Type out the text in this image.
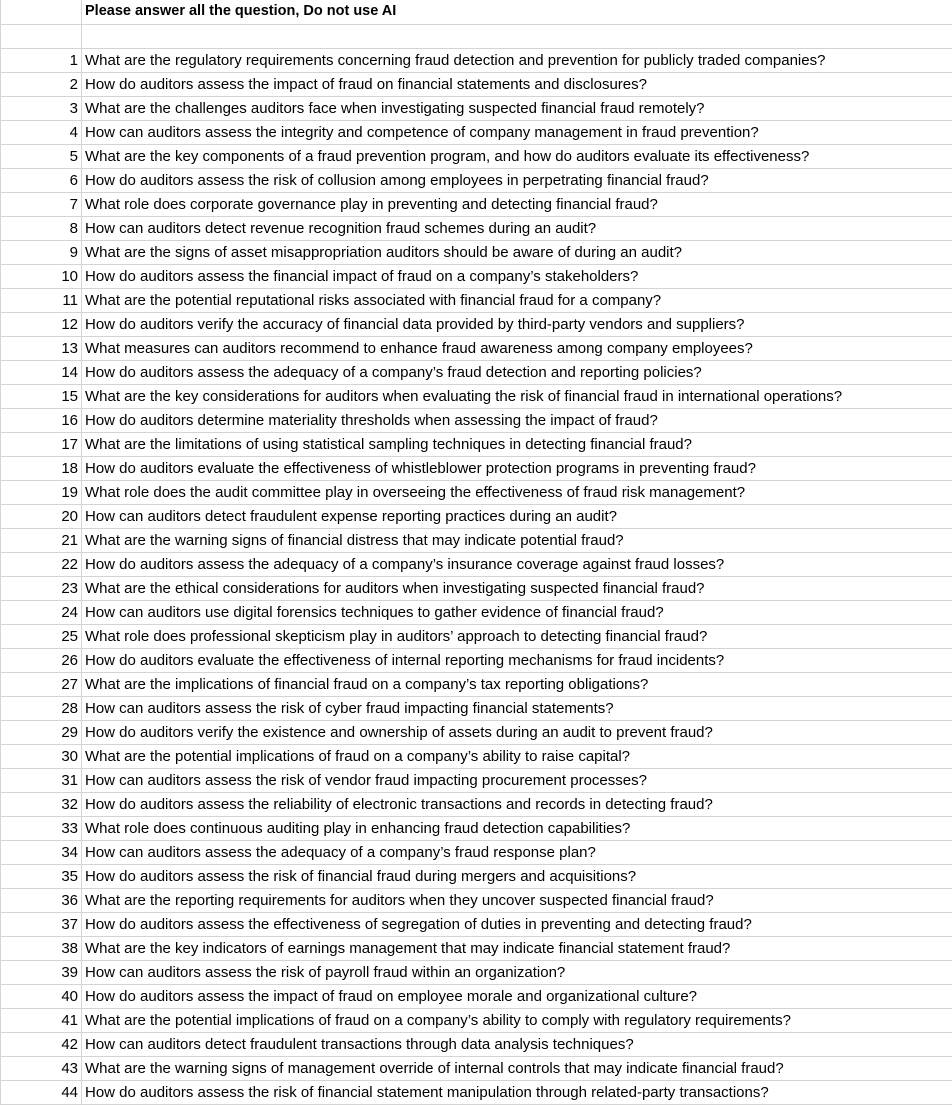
Please answer all the question, Do not use AI
1 What are the regulatory requirements concerning fraud detection and prevention for publicly traded companies?
2 How do auditors assess the impact of fraud on financial statements and disclosures?
3 What are the challenges auditors face when investigating suspected financial fraud remotely?
4 How can auditors assess the integrity and competence of company management in fraud prevention?
5 What are the key components of a fraud prevention program, and how do auditors evaluate its effectiveness?
6 How do auditors assess the risk of collusion among employees in perpetrating financial fraud?
7 What role does corporate governance play in preventing and detecting financial fraud?
8 How can auditors detect revenue recognition fraud schemes during an audit?
9 What are the signs of asset misappropriation auditors should be aware of during an audit?
10 How do auditors assess the financial impact of fraud on a company’s stakeholders?
11 What are the potential reputational risks associated with financial fraud for a company?
12 How do auditors verify the accuracy of financial data provided by third-party vendors and suppliers?
13 What measures can auditors recommend to enhance fraud awareness among company employees?
14 How do auditors assess the adequacy of a company’s fraud detection and reporting policies?
15 What are the key considerations for auditors when evaluating the risk of financial fraud in international operations?
16 How do auditors determine materiality thresholds when assessing the impact of fraud?
17 What are the limitations of using statistical sampling techniques in detecting financial fraud?
18 How do auditors evaluate the effectiveness of whistleblower protection programs in preventing fraud?
19 What role does the audit committee play in overseeing the effectiveness of fraud risk management?
20 How can auditors detect fraudulent expense reporting practices during an audit?
21 What are the warning signs of financial distress that may indicate potential fraud?
22 How do auditors assess the adequacy of a company’s insurance coverage against fraud losses?
23 What are the ethical considerations for auditors when investigating suspected financial fraud?
24 How can auditors use digital forensics techniques to gather evidence of financial fraud?
25 What role does professional skepticism play in auditors’ approach to detecting financial fraud?
26 How do auditors evaluate the effectiveness of internal reporting mechanisms for fraud incidents?
27 What are the implications of financial fraud on a company’s tax reporting obligations?
28 How can auditors assess the risk of cyber fraud impacting financial statements?
29 How do auditors verify the existence and ownership of assets during an audit to prevent fraud?
30 What are the potential implications of fraud on a company’s ability to raise capital?
31 How can auditors assess the risk of vendor fraud impacting procurement processes?
32 How do auditors assess the reliability of electronic transactions and records in detecting fraud?
33 What role does continuous auditing play in enhancing fraud detection capabilities?
34 How can auditors assess the adequacy of a company’s fraud response plan?
35 How do auditors assess the risk of financial fraud during mergers and acquisitions?
36 What are the reporting requirements for auditors when they uncover suspected financial fraud?
37 How do auditors assess the effectiveness of segregation of duties in preventing and detecting fraud?
38 What are the key indicators of earnings management that may indicate financial statement fraud?
39 How can auditors assess the risk of payroll fraud within an organization?
40 How do auditors assess the impact of fraud on employee morale and organizational culture?
41 What are the potential implications of fraud on a company’s ability to comply with regulatory requirements?
42 How can auditors detect fraudulent transactions through data analysis techniques?
43 What are the warning signs of management override of internal controls that may indicate financial fraud?
44 How do auditors assess the risk of financial statement manipulation through related-party transactions?
